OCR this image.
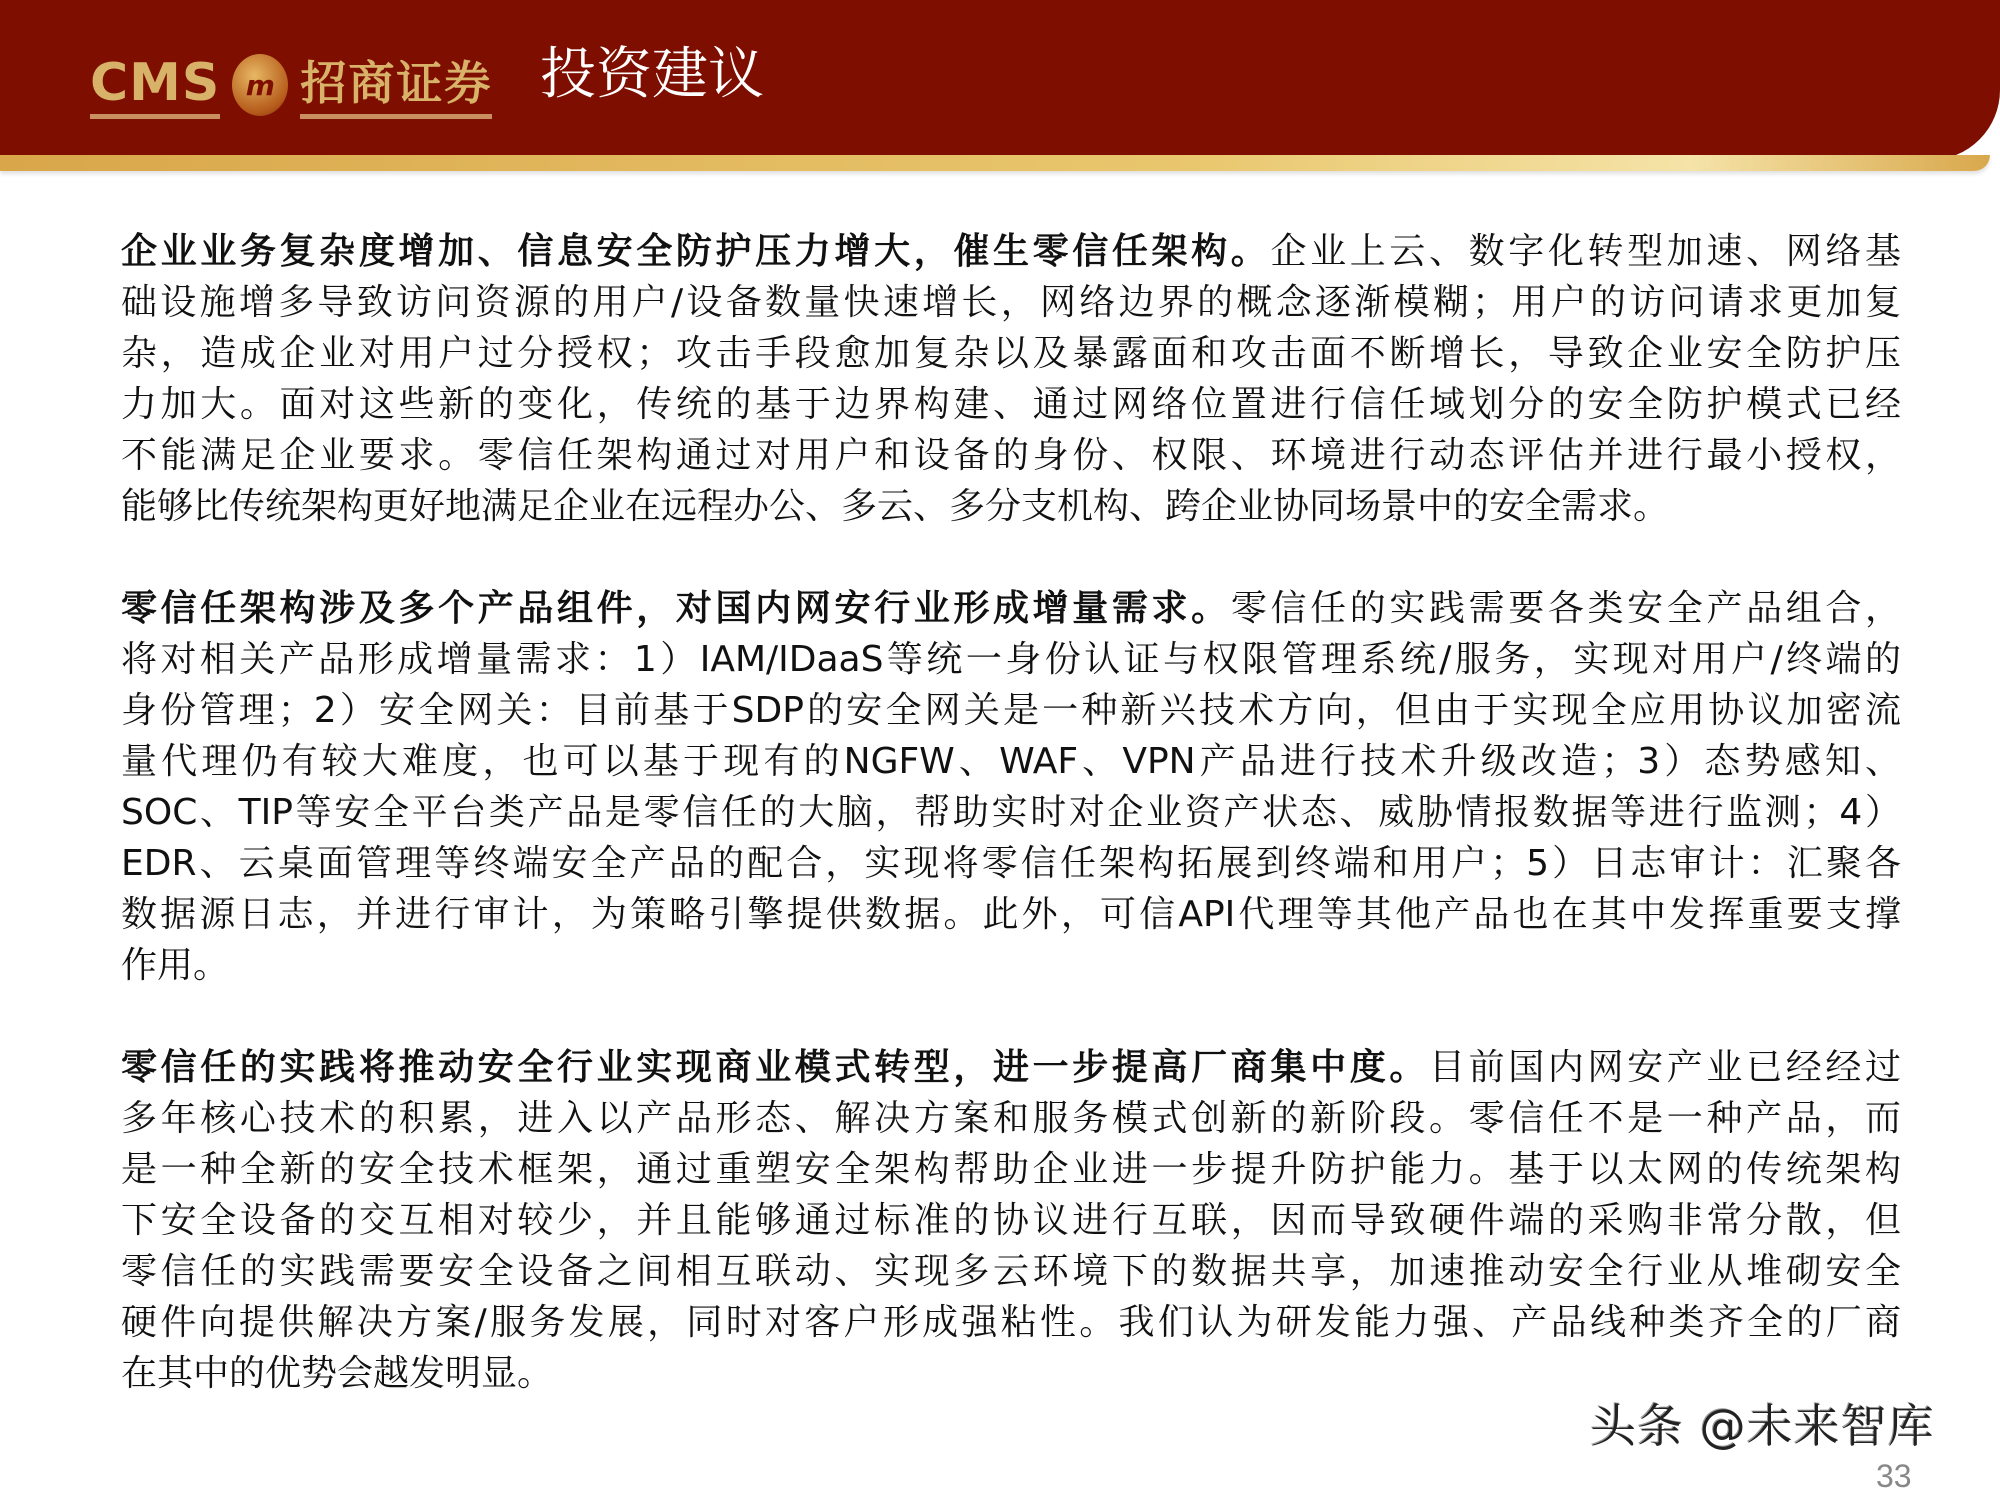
CMS m 招商证券 投资建议
企业业务复杂度增加、信息安全防护压力增大，催生零信任架构。企业上云、数字化转型加速、网络基
础设施增多导致访问资源的用户/设备数量快速增长，网络边界的概念逐渐模糊；用户的访问请求更加复
杂，造成企业对用户过分授权；攻击手段愈加复杂以及暴露面和攻击面不断增长，导致企业安全防护压
力加大。面对这些新的变化，传统的基于边界构建、通过网络位置进行信任域划分的安全防护模式已经
不能满足企业要求。零信任架构通过对用户和设备的身份、权限、环境进行动态评估并进行最小授权，
能够比传统架构更好地满足企业在远程办公、多云、多分支机构、跨企业协同场景中的安全需求。
零信任架构涉及多个产品组件，对国内网安行业形成增量需求。零信任的实践需要各类安全产品组合，
将对相关产品形成增量需求：1）IAM/IDaaS等统一身份认证与权限管理系统/服务，实现对用户/终端的
身份管理；2）安全网关：目前基于SDP的安全网关是一种新兴技术方向，但由于实现全应用协议加密流
量代理仍有较大难度，也可以基于现有的NGFW、WAF、VPN产品进行技术升级改造；3）态势感知、
SOC、TIP等安全平台类产品是零信任的大脑，帮助实时对企业资产状态、威胁情报数据等进行监测；4）
EDR、云桌面管理等终端安全产品的配合，实现将零信任架构拓展到终端和用户；5）日志审计：汇聚各
数据源日志，并进行审计，为策略引擎提供数据。此外，可信API代理等其他产品也在其中发挥重要支撑
作用。
零信任的实践将推动安全行业实现商业模式转型，进一步提高厂商集中度。目前国内网安产业已经经过
多年核心技术的积累，进入以产品形态、解决方案和服务模式创新的新阶段。零信任不是一种产品，而
是一种全新的安全技术框架，通过重塑安全架构帮助企业进一步提升防护能力。基于以太网的传统架构
下安全设备的交互相对较少，并且能够通过标准的协议进行互联，因而导致硬件端的采购非常分散，但
零信任的实践需要安全设备之间相互联动、实现多云环境下的数据共享，加速推动安全行业从堆砌安全
硬件向提供解决方案/服务发展，同时对客户形成强粘性。我们认为研发能力强、产品线种类齐全的厂商
在其中的优势会越发明显。
头条 @未来智库
33
